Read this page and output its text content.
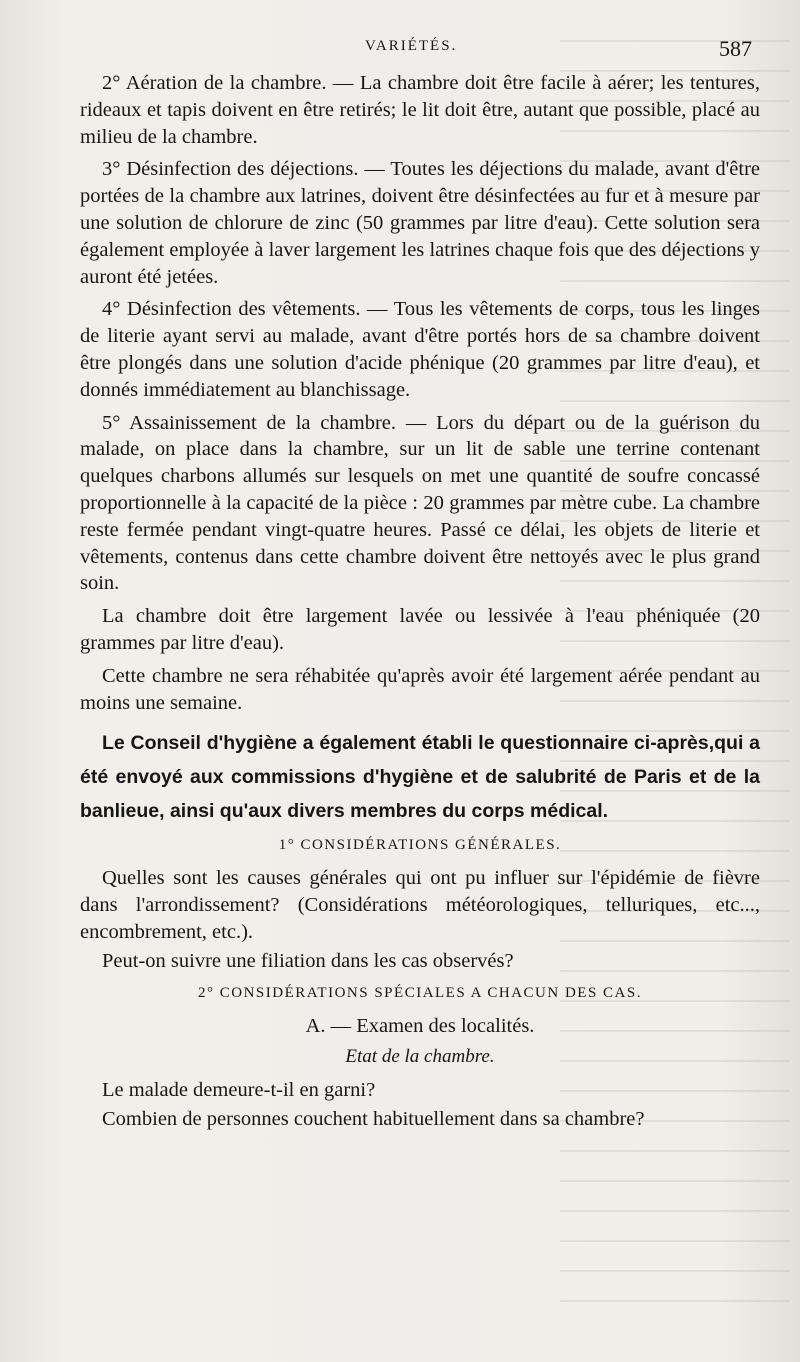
VARIÉTÉS.	587

2° Aération de la chambre. — La chambre doit être facile à aérer; les tentures, rideaux et tapis doivent en être retirés; le lit doit être, autant que possible, placé au milieu de la chambre.

3° Désinfection des déjections. — Toutes les déjections du malade, avant d'être portées de la chambre aux latrines, doivent être désinfectées au fur et à mesure par une solution de chlorure de zinc (50 grammes par litre d'eau). Cette solution sera également employée à laver largement les latrines chaque fois que des déjections y auront été jetées.

4° Désinfection des vêtements. — Tous les vêtements de corps, tous les linges de literie ayant servi au malade, avant d'être portés hors de sa chambre doivent être plongés dans une solution d'acide phénique (20 grammes par litre d'eau), et donnés immédiatement au blanchissage.

5° Assainissement de la chambre. — Lors du départ ou de la guérison du malade, on place dans la chambre, sur un lit de sable une terrine contenant quelques charbons allumés sur lesquels on met une quantité de soufre concassé proportionnelle à la capacité de la pièce : 20 grammes par mètre cube. La chambre reste fermée pendant vingt-quatre heures. Passé ce délai, les objets de literie et vêtements, contenus dans cette chambre doivent être nettoyés avec le plus grand soin.

La chambre doit être largement lavée ou lessivée à l'eau phéniquée (20 grammes par litre d'eau).

Cette chambre ne sera réhabitée qu'après avoir été largement aérée pendant au moins une semaine.

Le Conseil d'hygiène a également établi le questionnaire ci-après,qui a été envoyé aux commissions d'hygiène et de salubrité de Paris et de la banlieue, ainsi qu'aux divers membres du corps médical.

1° CONSIDÉRATIONS GÉNÉRALES.

Quelles sont les causes générales qui ont pu influer sur l'épidémie de fièvre dans l'arrondissement? (Considérations météorologiques, telluriques, etc..., encombrement, etc.).

Peut-on suivre une filiation dans les cas observés?

2° CONSIDÉRATIONS SPÉCIALES A CHACUN DES CAS.
A. — Examen des localités.
Etat de la chambre.

Le malade demeure-t-il en garni?

Combien de personnes couchent habituellement dans sa chambre?
